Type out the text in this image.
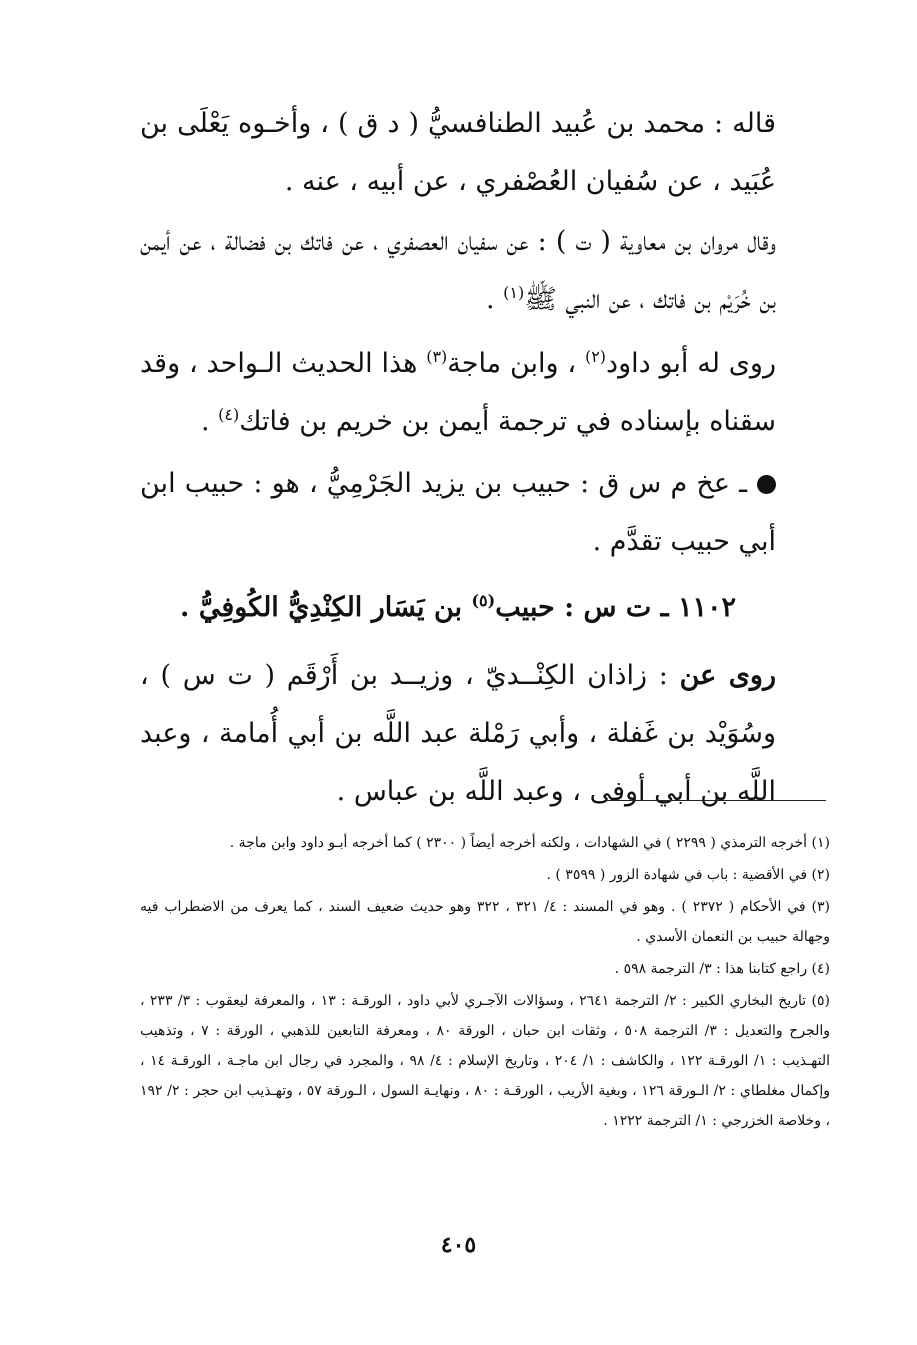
قاله : محمد بن عُبيد الطنافسيُّ ( د ق ) ، وأخـوه يَعْلَى بن عُبَيد ، عن سُفيان العُصْفري ، عن أبيه ، عنه .

وقال مروان بن معاوية ( ت ) : عن سفيان العصفري ، عن فاتك بن فضالة ، عن أيمن بن خُرَيْم بن فاتك ، عن النبي ﷺ$^{(١)}$ .

روى له أبو داود$^{(٢)}$ ، وابن ماجة$^{(٣)}$ هذا الحديث الـواحد ، وقد سقناه بإسناده في ترجمة أيمن بن خريم بن فاتك$^{(٤)}$ .

ـ عخ م س ق : حبيب بن يزيد الجَرْمِيُّ ، هو : حبيب ابن أبي حبيب تقدَّم .

١١٠٢ ـ ت س : حبيب$^{(٥)}$ بن يَسَار الكِنْدِيُّ الكُوفِيُّ .

روى عن : زاذان الكِنْــديّ ، وزيــد بن أَرْقَم ( ت س ) ، وسُوَيْد بن غَفلة ، وأبي رَمْلة عبد اللَّه بن أبي أُمامة ، وعبد اللَّه بن أبي أوفى ، وعبد اللَّه بن عباس .

(١) أخرجه الترمذي ( ٢٢٩٩ ) في الشهادات ، ولكنه أخرجه أيضاً ( ٢٣٠٠ ) كما أخرجه أبـو داود وابن ماجة .

(٢) في الأقضية : باب في شهادة الزور ( ٣٥٩٩ ) .

(٣) في الأحكام ( ٢٣٧٢ ) . وهو في المسند : ٤/ ٣٢١ ، ٣٢٢ وهو حديث ضعيف السند ، كما يعرف من الاضطراب فيه وجهالة حبيب بن النعمان الأسدي .

(٤) راجع كتابنا هذا : ٣/ الترجمة ٥٩٨ .

(٥) تاريخ البخاري الكبير : ٢/ الترجمة ٢٦٤١ ، وسؤالات الآجـري لأبي داود ، الورقـة : ١٣ ، والمعرفة ليعقوب : ٣/ ٢٣٣ ، والجرح والتعديل : ٣/ الترجمة ٥٠٨ ، وثقات ابن حبان ، الورقة ٨٠ ، ومعرفة التابعين للذهبي ، الورقة : ٧ ، وتذهيب التهـذيب : ١/ الورقـة ١٢٢ ، والكاشف : ١/ ٢٠٤ ، وتاريخ الإسلام : ٤/ ٩٨ ، والمجرد في رجال ابن ماجـة ، الورقـة ١٤ ، وإكمال مغلطاي : ٢/ الـورقة ١٢٦ ، وبغية الأريب ، الورقـة : ٨٠ ، ونهايـة السول ، الـورقة ٥٧ ، وتهـذيب ابن حجر : ٢/ ١٩٢ ، وخلاصة الخزرجي : ١/ الترجمة ١٢٢٢ .

٤٠٥
